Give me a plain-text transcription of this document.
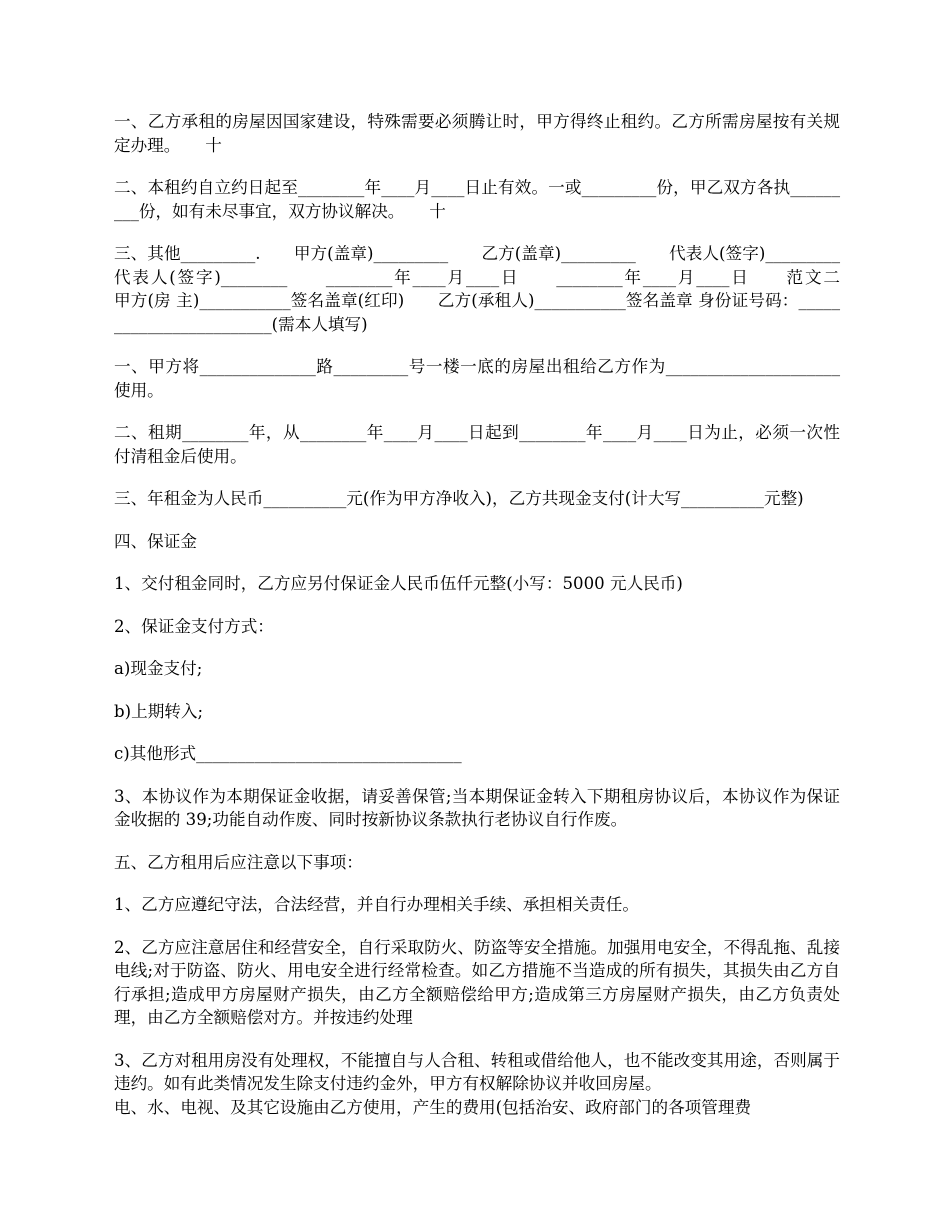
一、乙方承租的房屋因国家建设，特殊需要必须腾让时，甲方得终止租约。乙方所需房屋按有关规定办理。　　十

二、本租约自立约日起至________年____月____日止有效。一或_________份，甲乙双方各执_________份，如有未尽事宜，双方协议解决。　　十

三、其他_________.　　甲方(盖章)_________　　乙方(盖章)_________　　代表人(签字)_________　　代表人(签字)________　　________年____月____日　　________年____月____日　　范文二　　甲方(房 主)___________签名盖章(红印)　　乙方(承租人)___________签名盖章 身份证号码：________________________(需本人填写)

一、甲方将______________路_________号一楼一底的房屋出租给乙方作为_____________________使用。

二、租期________年，从________年____月____日起到________年____月____日为止，必须一次性付清租金后使用。

三、年租金为人民币__________元(作为甲方净收入)，乙方共现金支付(计大写__________元整)

四、保证金

1、交付租金同时，乙方应另付保证金人民币伍仟元整(小写：5000 元人民币)

2、保证金支付方式：

a)现金支付;

b)上期转入;

c)其他形式________________________________

3、本协议作为本期保证金收据，请妥善保管;当本期保证金转入下期租房协议后，本协议作为保证金收据的 39;功能自动作废、同时按新协议条款执行老协议自行作废。

五、乙方租用后应注意以下事项：

1、乙方应遵纪守法，合法经营，并自行办理相关手续、承担相关责任。

2、乙方应注意居住和经营安全，自行采取防火、防盗等安全措施。加强用电安全，不得乱拖、乱接电线;对于防盗、防火、用电安全进行经常检查。如乙方措施不当造成的所有损失，其损失由乙方自行承担;造成甲方房屋财产损失，由乙方全额赔偿给甲方;造成第三方房屋财产损失，由乙方负责处理，由乙方全额赔偿对方。并按违约处理

3、乙方对租用房没有处理权，不能擅自与人合租、转租或借给他人，也不能改变其用途，否则属于违约。如有此类情况发生除支付违约金外，甲方有权解除协议并收回房屋。

电、水、电视、及其它设施由乙方使用，产生的费用(包括治安、政府部门的各项管理费
